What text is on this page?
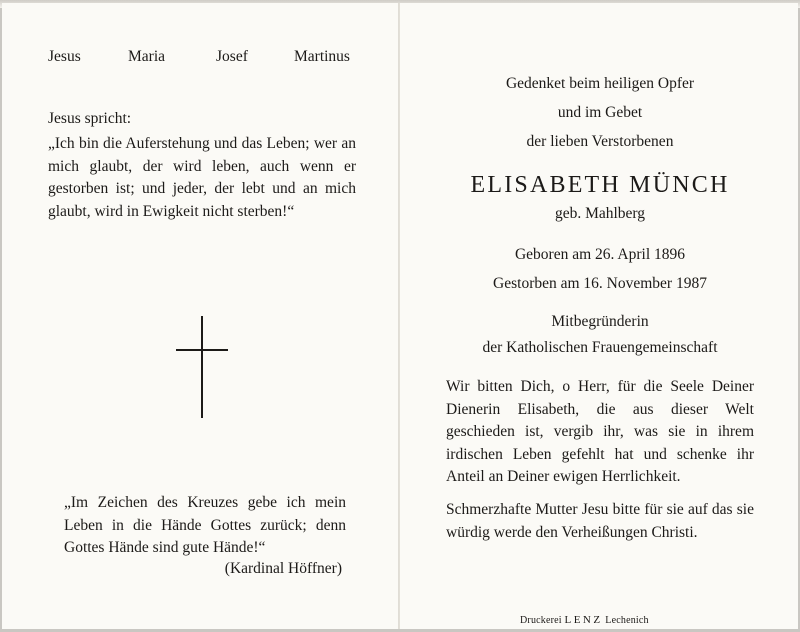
Jesus	Maria	Josef	Martinus
Jesus spricht:
„Ich bin die Auferstehung und das Leben; wer an mich glaubt, der wird leben, auch wenn er gestorben ist; und jeder, der lebt und an mich glaubt, wird in Ewigkeit nicht sterben!“
„Im Zeichen des Kreuzes gebe ich mein Leben in die Hände Gottes zurück; denn Gottes Hände sind gute Hände!“
(Kardinal Höffner)
Gedenket beim heiligen Opfer
und im Gebet
der lieben Verstorbenen
ELISABETH MÜNCH
geb. Mahlberg
Geboren am 26. April 1896
Gestorben am 16. November 1987
Mitbegründerin
der Katholischen Frauengemeinschaft
Wir bitten Dich, o Herr, für die Seele Deiner Dienerin Elisabeth, die aus dieser Welt geschieden ist, vergib ihr, was sie in ihrem irdischen Leben gefehlt hat und schenke ihr Anteil an Deiner ewigen Herrlichkeit.
Schmerzhafte Mutter Jesu bitte für sie auf das sie würdig werde den Verheißungen Christi.
Druckerei LENZ Lechenich
